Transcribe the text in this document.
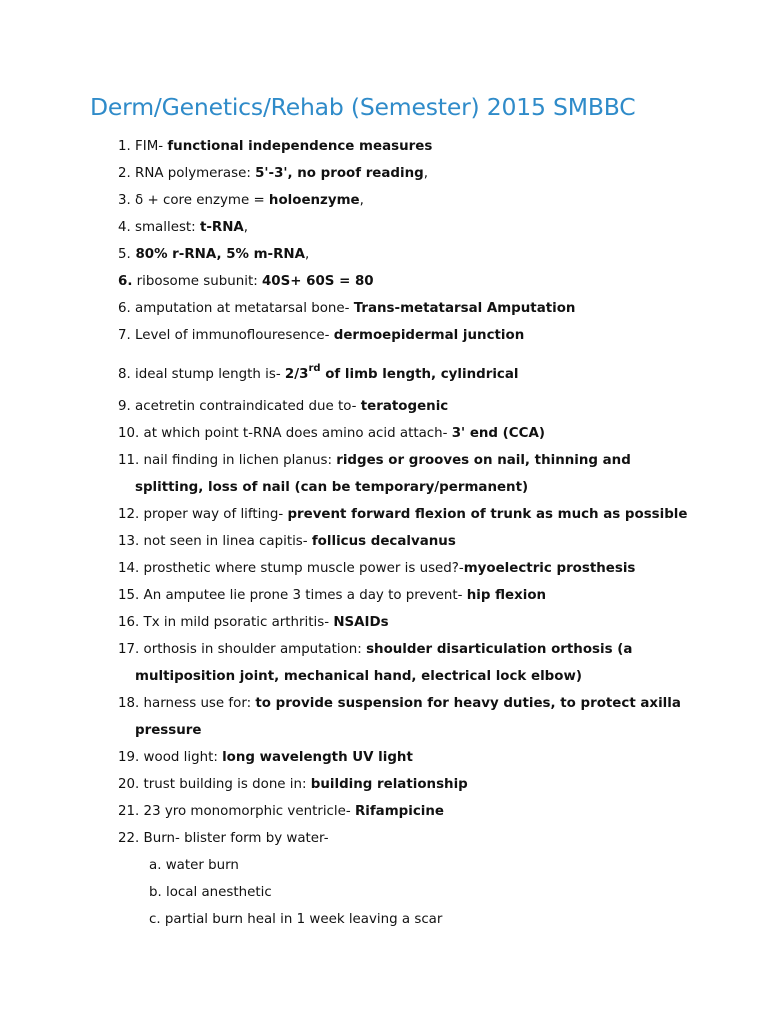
Derm/Genetics/Rehab (Semester) 2015 SMBBC
1. FIM- functional independence measures
2. RNA polymerase: 5'-3', no proof reading,
3. δ + core enzyme = holoenzyme,
4. smallest: t-RNA,
5. 80% r-RNA, 5% m-RNA,
6. ribosome subunit: 40S+ 60S = 80
6. amputation at metatarsal bone- Trans-metatarsal Amputation
7. Level of immunoflouresence- dermoepidermal junction
8. ideal stump length is- 2/3rd of limb length, cylindrical
9. acetretin contraindicated due to- teratogenic
10. at which point t-RNA does amino acid attach- 3' end (CCA)
11. nail finding in lichen planus: ridges or grooves on nail, thinning and
splitting, loss of nail (can be temporary/permanent)
12. proper way of lifting- prevent forward flexion of trunk as much as possible
13. not seen in linea capitis- follicus decalvanus
14. prosthetic where stump muscle power is used?-myoelectric prosthesis
15. An amputee lie prone 3 times a day to prevent- hip flexion
16. Tx in mild psoratic arthritis- NSAIDs
17. orthosis in shoulder amputation: shoulder disarticulation orthosis (a
multiposition joint, mechanical hand, electrical lock elbow)
18. harness use for: to provide suspension for heavy duties, to protect axilla
pressure
19. wood light: long wavelength UV light
20. trust building is done in: building relationship
21. 23 yro monomorphic ventricle- Rifampicine
22. Burn- blister form by water-
a. water burn
b. local anesthetic
c. partial burn heal in 1 week leaving a scar
